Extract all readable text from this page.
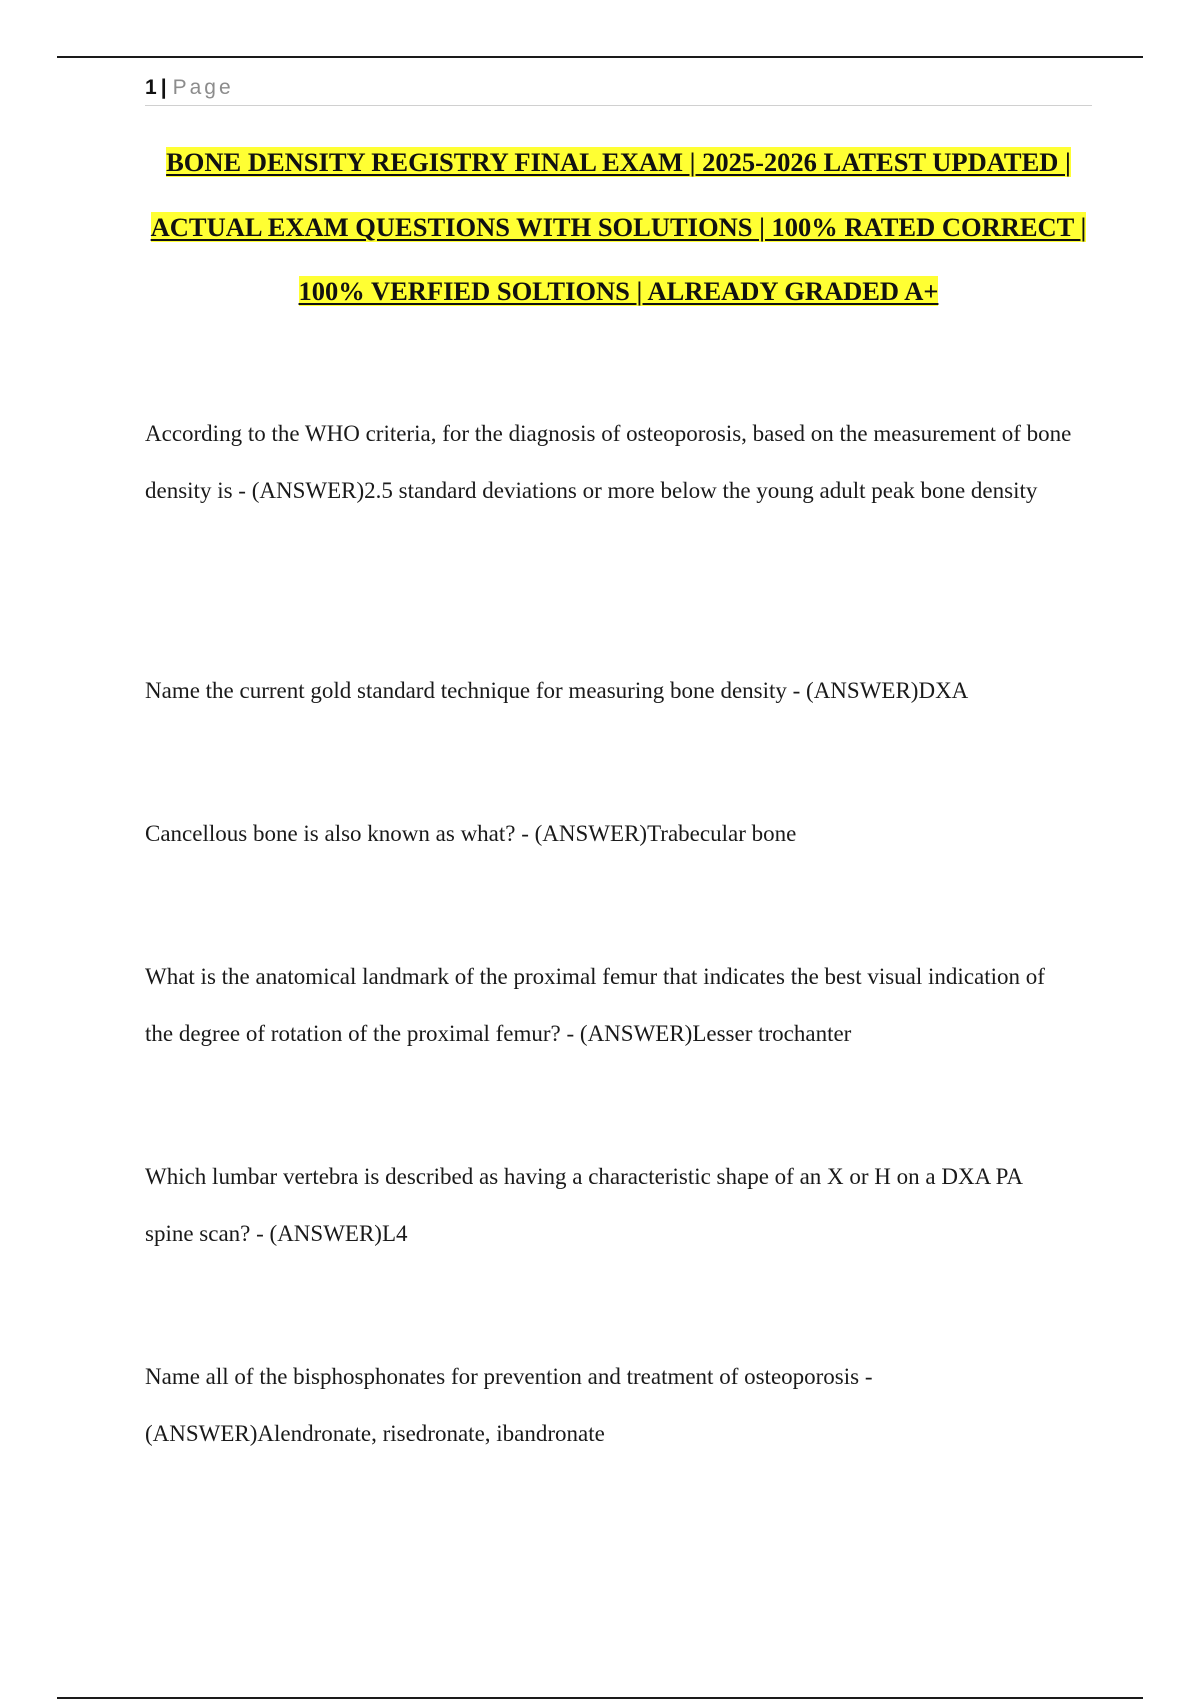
1 | Page
BONE DENSITY REGISTRY FINAL EXAM | 2025-2026 LATEST UPDATED | ACTUAL EXAM QUESTIONS WITH SOLUTIONS | 100% RATED CORRECT | 100% VERFIED SOLTIONS | ALREADY GRADED A+

According to the WHO criteria, for the diagnosis of osteoporosis, based on the measurement of bone density is - (ANSWER)2.5 standard deviations or more below the young adult peak bone density

Name the current gold standard technique for measuring bone density - (ANSWER)DXA

Cancellous bone is also known as what? - (ANSWER)Trabecular bone

What is the anatomical landmark of the proximal femur that indicates the best visual indication of the degree of rotation of the proximal femur? - (ANSWER)Lesser trochanter

Which lumbar vertebra is described as having a characteristic shape of an X or H on a DXA PA spine scan? - (ANSWER)L4

Name all of the bisphosphonates for prevention and treatment of osteoporosis - (ANSWER)Alendronate, risedronate, ibandronate
